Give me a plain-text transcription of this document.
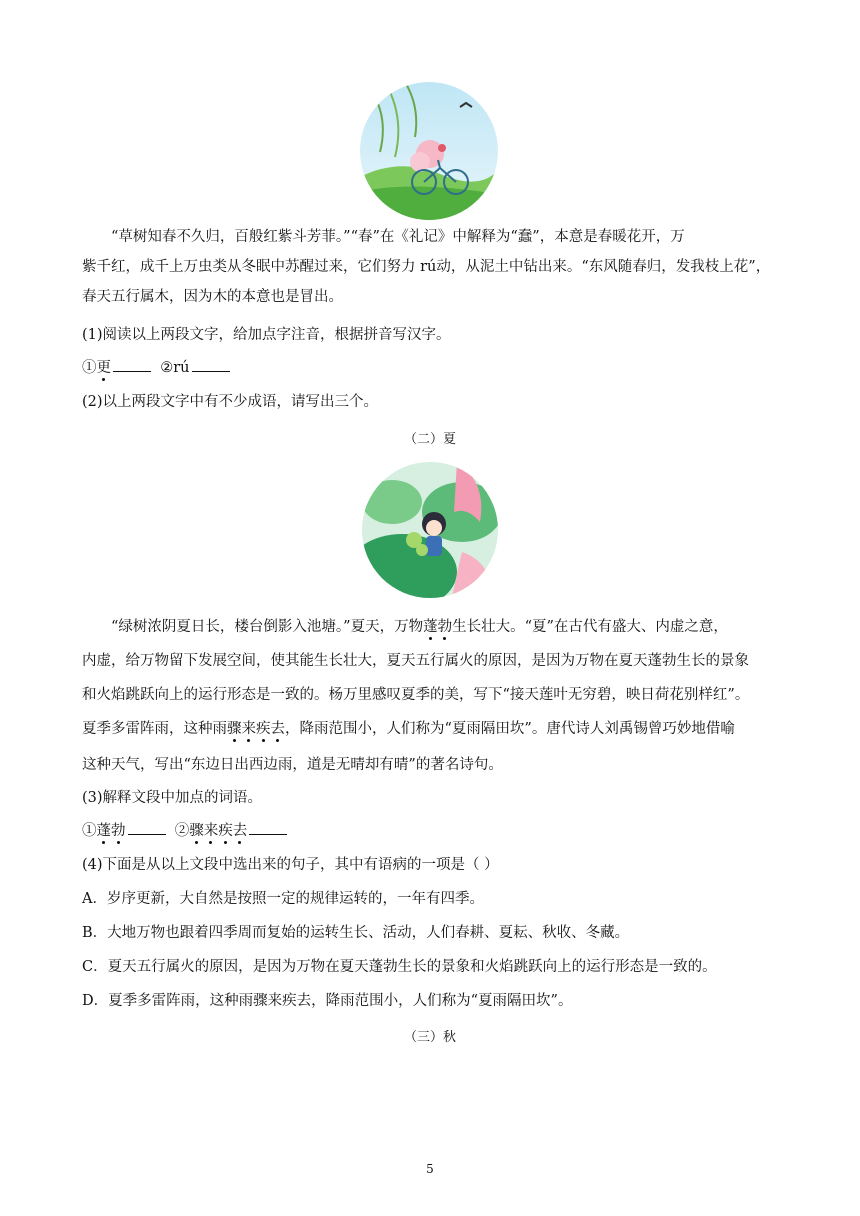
“草树知春不久归，百般红紫斗芳菲。”“春”在《礼记》中解释为“蠢”，本意是春暖花开，万
紫千红，成千上万虫类从冬眠中苏醒过来，它们努力 rú动，从泥土中钻出来。“东风随春归，发我枝上花”，
春天五行属木，因为木的本意也是冒出。
(1)阅读以上两段文字，给加点字注音，根据拼音写汉字。
①更	②rú
(2)以上两段文字中有不少成语，请写出三个。
（二）夏
“绿树浓阴夏日长，楼台倒影入池塘。”夏天，万物蓬勃生长壮大。“夏”在古代有盛大、内虚之意，
内虚，给万物留下发展空间，使其能生长壮大，夏天五行属火的原因，是因为万物在夏天蓬勃生长的景象
和火焰跳跃向上的运行形态是一致的。杨万里感叹夏季的美，写下“接天莲叶无穷碧，映日荷花别样红”。
夏季多雷阵雨，这种雨骤来疾去，降雨范围小，人们称为“夏雨隔田坎”。唐代诗人刘禹锡曾巧妙地借喻
这种天气，写出“东边日出西边雨，道是无晴却有晴”的著名诗句。
(3)解释文段中加点的词语。
①蓬勃	②骤来疾去
(4)下面是从以上文段中选出来的句子，其中有语病的一项是（ ）
A．岁序更新，大自然是按照一定的规律运转的，一年有四季。
B．大地万物也跟着四季周而复始的运转生长、活动，人们春耕、夏耘、秋收、冬藏。
C．夏天五行属火的原因，是因为万物在夏天蓬勃生长的景象和火焰跳跃向上的运行形态是一致的。
D．夏季多雷阵雨，这种雨骤来疾去，降雨范围小，人们称为“夏雨隔田坎”。
（三）秋
5
